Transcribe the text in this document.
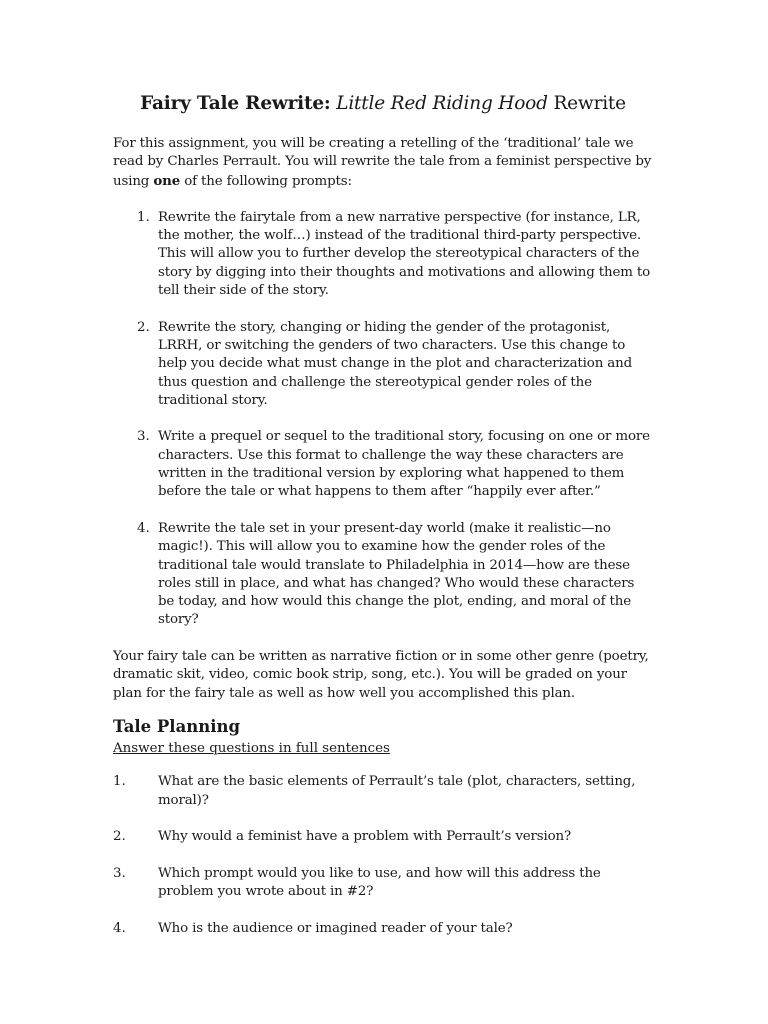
Fairy Tale Rewrite: Little Red Riding Hood Rewrite

For this assignment, you will be creating a retelling of the ‘traditional’ tale we read by Charles Perrault. You will rewrite the tale from a feminist perspective by using one of the following prompts:

1. Rewrite the fairytale from a new narrative perspective (for instance, LR, the mother, the wolf…) instead of the traditional third-party perspective. This will allow you to further develop the stereotypical characters of the story by digging into their thoughts and motivations and allowing them to tell their side of the story.
2. Rewrite the story, changing or hiding the gender of the protagonist, LRRH, or switching the genders of two characters. Use this change to help you decide what must change in the plot and characterization and thus question and challenge the stereotypical gender roles of the traditional story.
3. Write a prequel or sequel to the traditional story, focusing on one or more characters. Use this format to challenge the way these characters are written in the traditional version by exploring what happened to them before the tale or what happens to them after “happily ever after.”
4. Rewrite the tale set in your present-day world (make it realistic—no magic!). This will allow you to examine how the gender roles of the traditional tale would translate to Philadelphia in 2014—how are these roles still in place, and what has changed? Who would these characters be today, and how would this change the plot, ending, and moral of the story?

Your fairy tale can be written as narrative fiction or in some other genre (poetry, dramatic skit, video, comic book strip, song, etc.). You will be graded on your plan for the fairy tale as well as how well you accomplished this plan.

Tale Planning
Answer these questions in full sentences
1.	What are the basic elements of Perrault’s tale (plot, characters, setting, moral)?
2.	Why would a feminist have a problem with Perrault’s version?
3.	Which prompt would you like to use, and how will this address the problem you wrote about in #2?
4.	Who is the audience or imagined reader of your tale?
